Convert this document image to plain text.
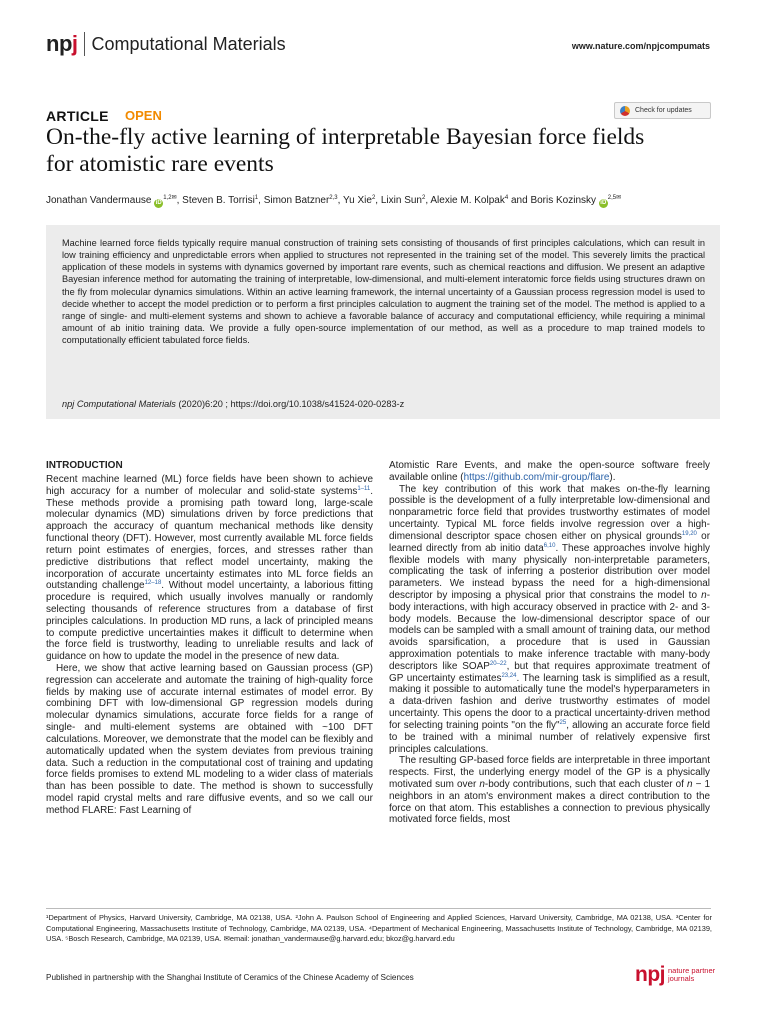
npj Computational Materials	www.nature.com/npjcompumats
ARTICLE OPEN	Check for updates
On-the-fly active learning of interpretable Bayesian force fields
for atomistic rare events
Jonathan Vandermause $iD^{1,2✉}$, Steven B. Torrisi$^1$, Simon Batzner$^{2,3}$, Yu Xie$^2$, Lixin Sun$^2$, Alexie M. Kolpak$^4$ and Boris Kozinsky $iD^{2,5✉}$
Machine learned force fields typically require manual construction of training sets consisting of thousands of first principles calculations, which can result in low training efficiency and unpredictable errors when applied to structures not represented in the training set of the model. This severely limits the practical application of these models in systems with dynamics governed by important rare events, such as chemical reactions and diffusion. We present an adaptive Bayesian inference method for automating the training of interpretable, low-dimensional, and multi-element interatomic force fields using structures drawn on the fly from molecular dynamics simulations. Within an active learning framework, the internal uncertainty of a Gaussian process regression model is used to decide whether to accept the model prediction or to perform a first principles calculation to augment the training set of the model. The method is applied to a range of single- and multi-element systems and shown to achieve a favorable balance of accuracy and computational efficiency, while requiring a minimal amount of ab initio training data. We provide a fully open-source implementation of our method, as well as a procedure to map trained models to computationally efficient tabulated force fields.
npj Computational Materials (2020)6:20 ; https://doi.org/10.1038/s41524-020-0283-z
INTRODUCTION

Recent machine learned (ML) force fields have been shown to achieve high accuracy for a number of molecular and solid-state systems$^{1-11}$. These methods provide a promising path toward long, large-scale molecular dynamics (MD) simulations driven by force predictions that approach the accuracy of quantum mechanical methods like density functional theory (DFT). However, most currently available ML force fields return point estimates of energies, forces, and stresses rather than predictive distributions that reflect model uncertainty, making the incorporation of accurate uncertainty estimates into ML force fields an outstanding challenge$^{12-18}$. Without model uncertainty, a laborious fitting procedure is required, which usually involves manually or randomly selecting thousands of reference structures from a database of first principles calculations. In production MD runs, a lack of principled means to compute predictive uncertainties makes it difficult to determine when the force field is trustworthy, leading to unreliable results and lack of guidance on how to update the model in the presence of new data.

Here, we show that active learning based on Gaussian process (GP) regression can accelerate and automate the training of high-quality force fields by making use of accurate internal estimates of model error. By combining DFT with low-dimensional GP regression models during molecular dynamics simulations, accurate force fields for a range of single- and multi-element systems are obtained with ~100 DFT calculations. Moreover, we demonstrate that the model can be flexibly and automatically updated when the system deviates from previous training data. Such a reduction in the computational cost of training and updating force fields promises to extend ML modeling to a wider class of materials than has been possible to date. The method is shown to successfully model rapid crystal melts and rare diffusive events, and so we call our method FLARE: Fast Learning of

Atomistic Rare Events, and make the open-source software freely available online (https://github.com/mir-group/flare).

The key contribution of this work that makes on-the-fly learning possible is the development of a fully interpretable low-dimensional and nonparametric force field that provides trustworthy estimates of model uncertainty. Typical ML force fields involve regression over a high-dimensional descriptor space chosen either on physical grounds$^{19,20}$ or learned directly from ab initio data$^{6,10}$. These approaches involve highly flexible models with many physically non-interpretable parameters, complicating the task of inferring a posterior distribution over model parameters. We instead bypass the need for a high-dimensional descriptor by imposing a physical prior that constrains the model to n-body interactions, with high accuracy observed in practice with 2- and 3-body models. Because the low-dimensional descriptor space of our models can be sampled with a small amount of training data, our method avoids sparsification, a procedure that is used in Gaussian approximation potentials to make inference tractable with many-body descriptors like SOAP$^{20-22}$, but that requires approximate treatment of GP uncertainty estimates$^{23,24}$. The learning task is simplified as a result, making it possible to automatically tune the model's hyperparameters in a data-driven fashion and derive trustworthy estimates of model uncertainty. This opens the door to a practical uncertainty-driven method for selecting training points "on the fly"$^{25}$, allowing an accurate force field to be trained with a minimal number of relatively expensive first principles calculations.

The resulting GP-based force fields are interpretable in three important respects. First, the underlying energy model of the GP is a physically motivated sum over n-body contributions, such that each cluster of n − 1 neighbors in an atom's environment makes a direct contribution to the force on that atom. This establishes a connection to previous physically motivated force fields, most

¹Department of Physics, Harvard University, Cambridge, MA 02138, USA. ²John A. Paulson School of Engineering and Applied Sciences, Harvard University, Cambridge, MA 02138, USA. ³Center for Computational Engineering, Massachusetts Institute of Technology, Cambridge, MA 02139, USA. ⁴Department of Mechanical Engineering, Massachusetts Institute of Technology, Cambridge, MA 02139, USA. ⁵Bosch Research, Cambridge, MA 02139, USA. ✉email: jonathan_vandermause@g.harvard.edu; bkoz@g.harvard.edu
Published in partnership with the Shanghai Institute of Ceramics of the Chinese Academy of Sciences	npj nature partner
journals
